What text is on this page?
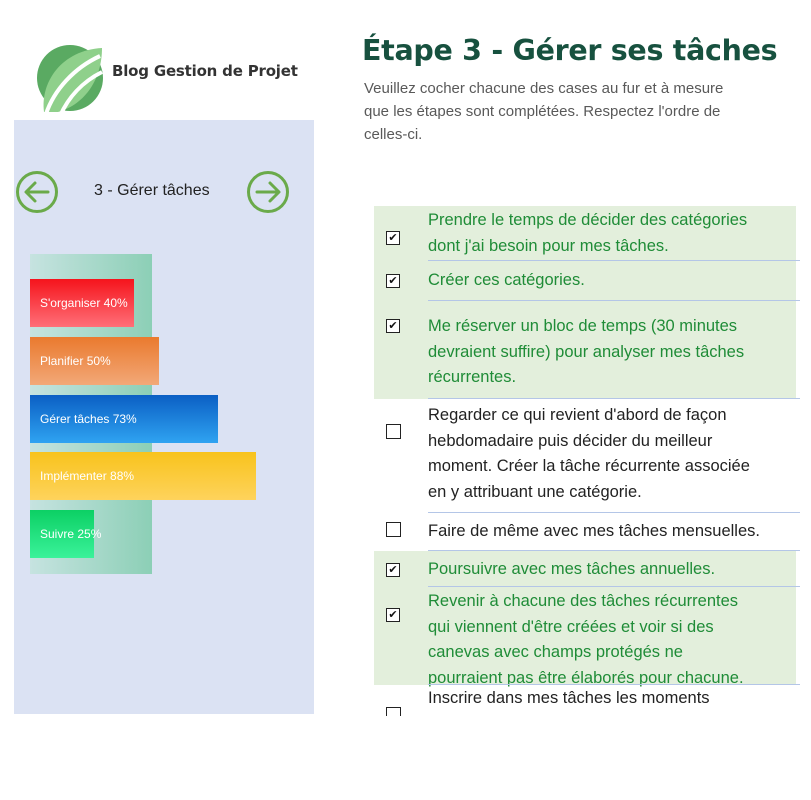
Blog Gestion de Projet
3 - Gérer tâches
S'organiser 40%
Planifier 50%
Gérer tâches 73%
Implémenter 88%
Suivre 25%
Étape 3 - Gérer ses tâches

Veuillez cocher chacune des cases au fur et à mesure
que les étapes sont complétées. Respectez l'ordre de
celles-ci.

✔

Prendre le temps de décider des catégories
dont j'ai besoin pour mes tâches.

✔ Créer ces catégories.

✔ Me réserver un bloc de temps (30 minutes
devraient suffire) pour analyser mes tâches
récurrentes.

Regarder ce qui revient d'abord de façon
hebdomadaire puis décider du meilleur
moment. Créer la tâche récurrente associée
en y attribuant une catégorie.

Faire de même avec mes tâches mensuelles.

✔ Poursuivre avec mes tâches annuelles.

✔

Revenir à chacune des tâches récurrentes
qui viennent d'être créées et voir si des
canevas avec champs protégés ne
pourraient pas être élaborés pour chacune.

Inscrire dans mes tâches les moments
